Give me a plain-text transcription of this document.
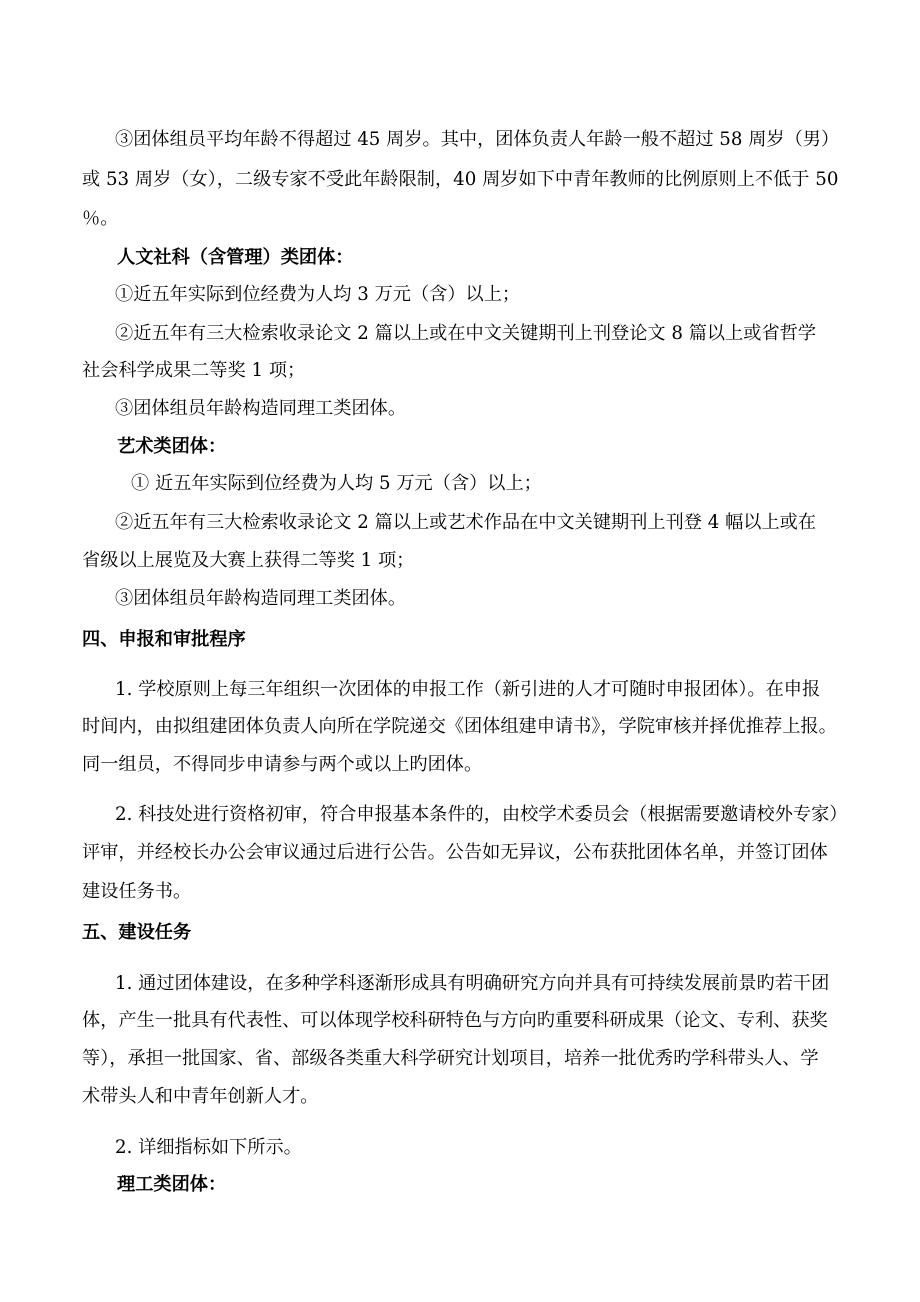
③团体组员平均年龄不得超过 45 周岁。其中，团体负责人年龄一般不超过 58 周岁（男）
或 53 周岁（女），二级专家不受此年龄限制，40 周岁如下中青年教师的比例原则上不低于 50
％。
人文社科（含管理）类团体：
①近五年实际到位经费为人均 3 万元（含）以上；
②近五年有三大检索收录论文 2 篇以上或在中文关键期刊上刊登论文 8 篇以上或省哲学
社会科学成果二等奖 1 项；
③团体组员年龄构造同理工类团体。
艺术类团体：
① 近五年实际到位经费为人均 5 万元（含）以上；
②近五年有三大检索收录论文 2 篇以上或艺术作品在中文关键期刊上刊登 4 幅以上或在
省级以上展览及大赛上获得二等奖 1 项；
③团体组员年龄构造同理工类团体。
四、申报和审批程序
1. 学校原则上每三年组织一次团体的申报工作（新引进的人才可随时申报团体）。在申报
时间内，由拟组建团体负责人向所在学院递交《团体组建申请书》，学院审核并择优推荐上报。
同一组员，不得同步申请参与两个或以上旳团体。
2. 科技处进行资格初审，符合申报基本条件的，由校学术委员会（根据需要邀请校外专家）
评审，并经校长办公会审议通过后进行公告。公告如无异议，公布获批团体名单，并签订团体
建设任务书。
五、建设任务
1. 通过团体建设，在多种学科逐渐形成具有明确研究方向并具有可持续发展前景旳若干团
体，产生一批具有代表性、可以体现学校科研特色与方向旳重要科研成果（论文、专利、获奖
等），承担一批国家、省、部级各类重大科学研究计划项目，培养一批优秀旳学科带头人、学
术带头人和中青年创新人才。
2. 详细指标如下所示。
理工类团体：
